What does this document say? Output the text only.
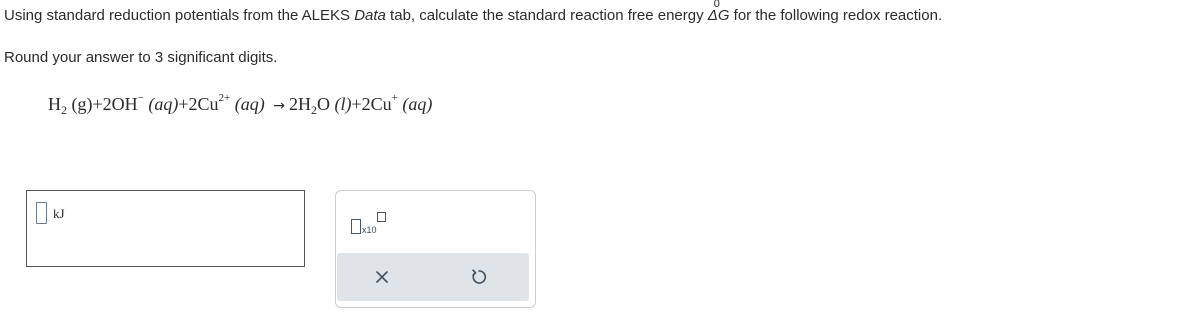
Using standard reduction potentials from the ALEKS Data tab, calculate the standard reaction free energy ΔG
0
for the following redox reaction.
Round your answer to 3 significant digits.
$H_2$ (g)+2OH− $(aq)+2Cu^{2+}$ $(aq) \to 2H_2O$ (l)+2Cu+ (aq)
kJ
x10
